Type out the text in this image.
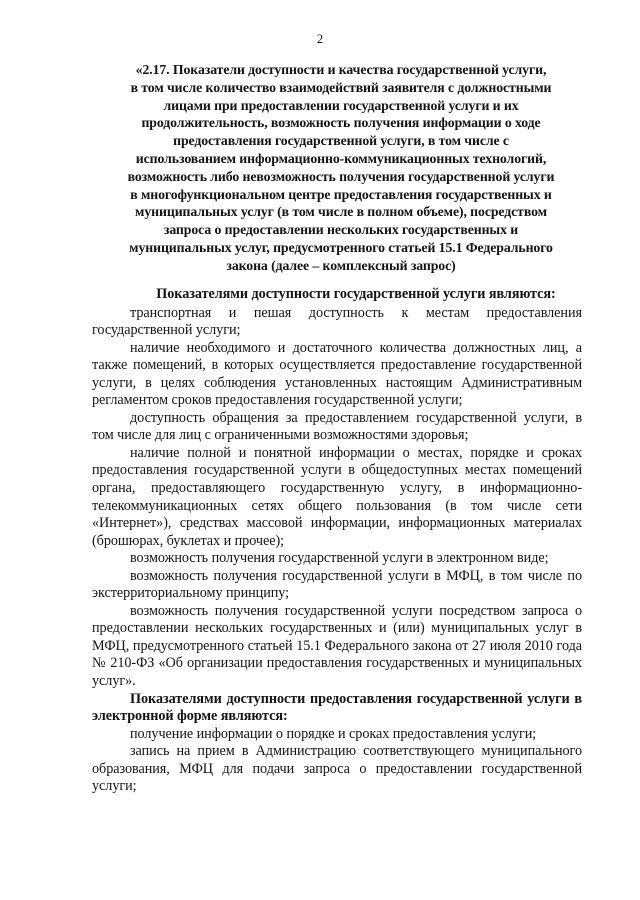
2
«2.17. Показатели доступности и качества государственной услуги,
в том числе количество взаимодействий заявителя с должностными
лицами при предоставлении государственной услуги и их
продолжительность, возможность получения информации о ходе
предоставления государственной услуги, в том числе с
использованием информационно-коммуникационных технологий,
возможность либо невозможность получения государственной услуги
в многофункциональном центре предоставления государственных и
муниципальных услуг (в том числе в полном объеме), посредством
запроса о предоставлении нескольких государственных и
муниципальных услуг, предусмотренного статьей 15.1 Федерального
закона (далее – комплексный запрос)

Показателями доступности государственной услуги являются:

транспортная и пешая доступность к местам предоставления государственной услуги;

наличие необходимого и достаточного количества должностных лиц, а также помещений, в которых осуществляется предоставление государственной услуги, в целях соблюдения установленных настоящим Административным регламентом сроков предоставления государственной услуги;

доступность обращения за предоставлением государственной услуги, в том числе для лиц с ограниченными возможностями здоровья;

наличие полной и понятной информации о местах, порядке и сроках предоставления государственной услуги в общедоступных местах помещений органа, предоставляющего государственную услугу, в информационно-телекоммуникационных сетях общего пользования (в том числе сети «Интернет»), средствах массовой информации, информационных материалах (брошюрах, буклетах и прочее);

возможность получения государственной услуги в электронном виде;

возможность получения государственной услуги в МФЦ, в том числе по экстерриториальному принципу;

возможность получения государственной услуги посредством запроса о предоставлении нескольких государственных и (или) муниципальных услуг в МФЦ, предусмотренного статьей 15.1 Федерального закона от 27 июля 2010 года № 210-ФЗ «Об организации предоставления государственных и муниципальных услуг».

Показателями доступности предоставления государственной услуги в электронной форме являются:

получение информации о порядке и сроках предоставления услуги;

запись на прием в Администрацию соответствующего муниципального образования, МФЦ для подачи запроса о предоставлении государственной услуги;
